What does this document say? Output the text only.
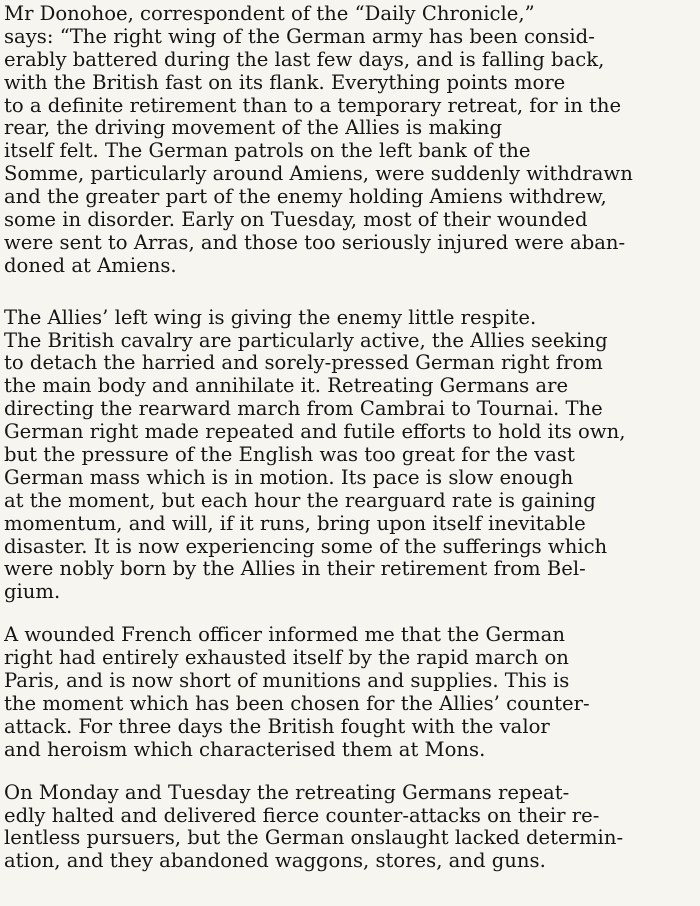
Mr Donohoe, correspondent of the “Daily Chronicle,”
says: “The right wing of the German army has been consid-
erably battered during the last few days, and is falling back,
with the British fast on its flank. Everything points more
to a definite retirement than to a temporary retreat, for in the
rear, the driving movement of the Allies is making
itself felt. The German patrols on the left bank of the
Somme, particularly around Amiens, were suddenly withdrawn
and the greater part of the enemy holding Amiens withdrew,
some in disorder. Early on Tuesday, most of their wounded
were sent to Arras, and those too seriously injured were aban-
doned at Amiens.

The Allies’ left wing is giving the enemy little respite.
The British cavalry are particularly active, the Allies seeking
to detach the harried and sorely-pressed German right from
the main body and annihilate it. Retreating Germans are
directing the rearward march from Cambrai to Tournai. The
German right made repeated and futile efforts to hold its own,
but the pressure of the English was too great for the vast
German mass which is in motion. Its pace is slow enough
at the moment, but each hour the rearguard rate is gaining
momentum, and will, if it runs, bring upon itself inevitable
disaster. It is now experiencing some of the sufferings which
were nobly born by the Allies in their retirement from Bel-
gium.

A wounded French officer informed me that the German
right had entirely exhausted itself by the rapid march on
Paris, and is now short of munitions and supplies. This is
the moment which has been chosen for the Allies’ counter-
attack. For three days the British fought with the valor
and heroism which characterised them at Mons.

On Monday and Tuesday the retreating Germans repeat-
edly halted and delivered fierce counter-attacks on their re-
lentless pursuers, but the German onslaught lacked determin-
ation, and they abandoned waggons, stores, and guns.
